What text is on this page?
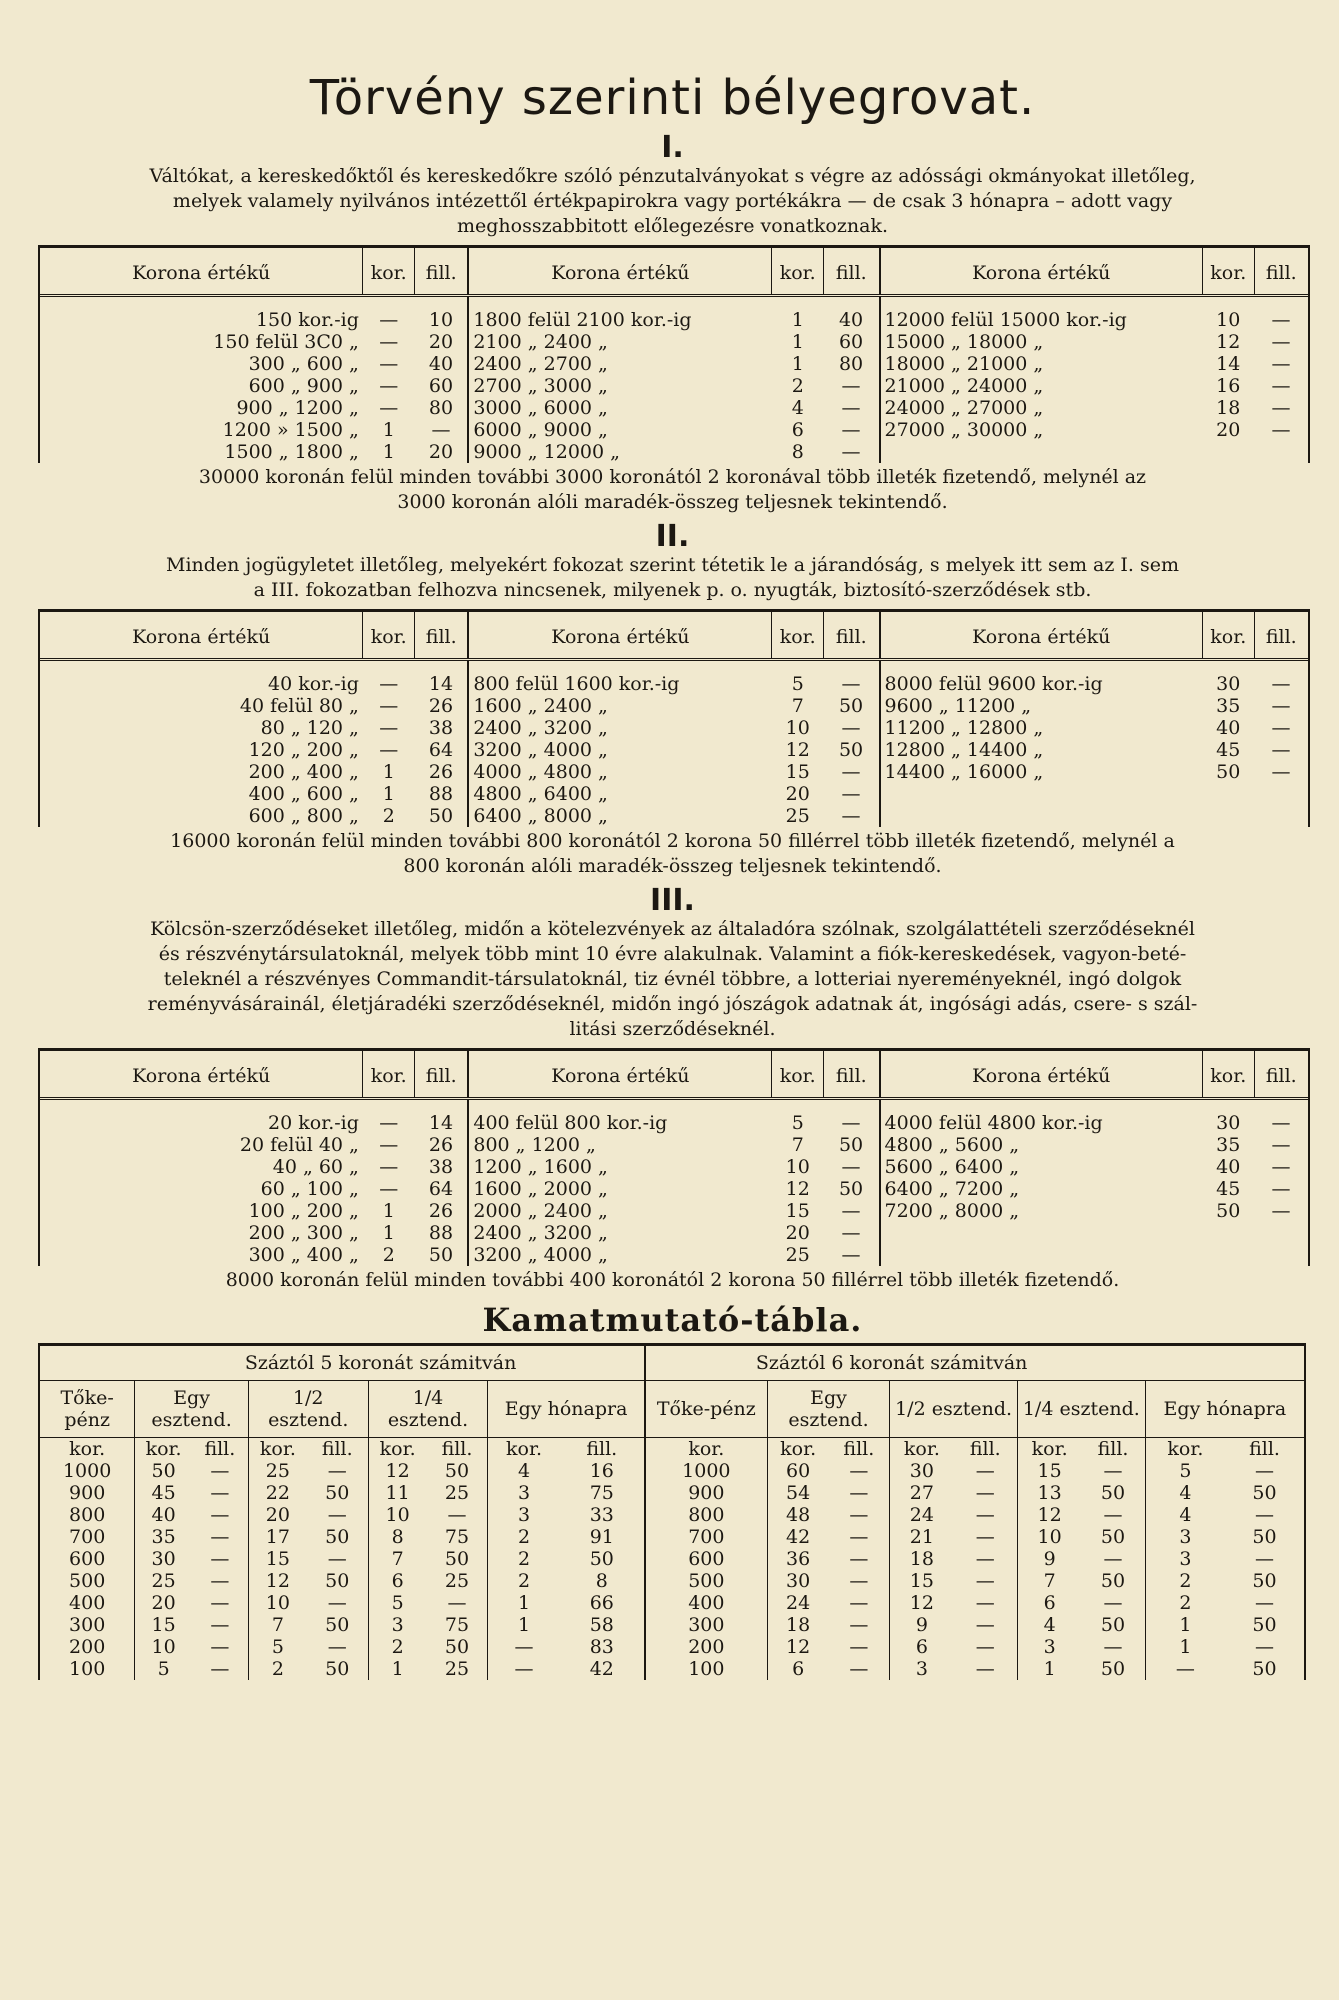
Törvény szerinti bélyegrovat.
I.
Váltókat, a kereskedőktől és kereskedőkre szóló pénzutalványokat s végre az adóssági okmányokat illetőleg,
melyek valamely nyilvános intézettől értékpapirokra vagy portékákra — de csak 3 hónapra – adott vagy
meghosszabbitott előlegezésre vonatkoznak.
Korona értékű	kor.	fill.	Korona értékű	kor.	fill.	Korona értékű	kor.	fill.

150 kor.-ig	—	10	1800 felül 2100 kor.-ig	1	40	12000 felül 15000 kor.-ig	10	—
150 felül 3C0 „	—	20	2100 „ 2400 „	1	60	15000 „ 18000 „	12	—
300 „ 600 „	—	40	2400 „ 2700 „	1	80	18000 „ 21000 „	14	—
600 „ 900 „	—	60	2700 „ 3000 „	2	—	21000 „ 24000 „	16	—
900 „ 1200 „	—	80	3000 „ 6000 „	4	—	24000 „ 27000 „	18	—
1200 » 1500 „	1	—	6000 „ 9000 „	6	—	27000 „ 30000 „	20	—
1500 „ 1800 „	1	20	9000 „ 12000 „	8	—			
30000 koronán felül minden további 3000 koronától 2 koronával több illeték fizetendő, melynél az
3000 koronán alóli maradék-összeg teljesnek tekintendő.
II.
Minden jogügyletet illetőleg, melyekért fokozat szerint tétetik le a járandóság, s melyek itt sem az I. sem
a III. fokozatban felhozva nincsenek, milyenek p. o. nyugták, biztosító-szerződések stb.
Korona értékű	kor.	fill.	Korona értékű	kor.	fill.	Korona értékű	kor.	fill.

40 kor.-ig	—	14	800 felül 1600 kor.-ig	5	—	8000 felül 9600 kor.-ig	30	—
40 felül 80 „	—	26	1600 „ 2400 „	7	50	9600 „ 11200 „	35	—
80 „ 120 „	—	38	2400 „ 3200 „	10	—	11200 „ 12800 „	40	—
120 „ 200 „	—	64	3200 „ 4000 „	12	50	12800 „ 14400 „	45	—
200 „ 400 „	1	26	4000 „ 4800 „	15	—	14400 „ 16000 „	50	—
400 „ 600 „	1	88	4800 „ 6400 „	20	—			
600 „ 800 „	2	50	6400 „ 8000 „	25	—			
16000 koronán felül minden további 800 koronától 2 korona 50 fillérrel több illeték fizetendő, melynél a
800 koronán alóli maradék-összeg teljesnek tekintendő.
III.
Kölcsön-szerződéseket illetőleg, midőn a kötelezvények az általadóra szólnak, szolgálattételi szerződéseknél
és részvénytársulatoknál, melyek több mint 10 évre alakulnak. Valamint a fiók-kereskedések, vagyon-beté-
teleknél a részvényes Commandit-társulatoknál, tiz évnél többre, a lotteriai nyereményeknél, ingó dolgok
reményvásárainál, életjáradéki szerződéseknél, midőn ingó jószágok adatnak át, ingósági adás, csere- s szál-
litási szerződéseknél.
Korona értékű	kor.	fill.	Korona értékű	kor.	fill.	Korona értékű	kor.	fill.

20 kor.-ig	—	14	400 felül 800 kor.-ig	5	—	4000 felül 4800 kor.-ig	30	—
20 felül 40 „	—	26	800 „ 1200 „	7	50	4800 „ 5600 „	35	—
40 „ 60 „	—	38	1200 „ 1600 „	10	—	5600 „ 6400 „	40	—
60 „ 100 „	—	64	1600 „ 2000 „	12	50	6400 „ 7200 „	45	—
100 „ 200 „	1	26	2000 „ 2400 „	15	—	7200 „ 8000 „	50	—
200 „ 300 „	1	88	2400 „ 3200 „	20	—			
300 „ 400 „	2	50	3200 „ 4000 „	25	—			
8000 koronán felül minden további 400 koronától 2 korona 50 fillérrel több illeték fizetendő.
Kamatmutató-tábla.
	Száztól 5 koronát számitván								Száztól 6 koronát számitván								
Tőke-pénz	Egy esztend.		1/2 esztend.		1/4 esztend.		Egy hónapra		Tőke-pénz	Egy esztend.		1/2 esztend.		1/4 esztend.		Egy hónapra	
kor.	kor.	fill.	kor.	fill.	kor.	fill.	kor.	fill.	kor.	kor.	fill.	kor.	fill.	kor.	fill.	kor.	fill.
1000	50	—	25	—	12	50	4	16	1000	60	—	30	—	15	—	5	—
900	45	—	22	50	11	25	3	75	900	54	—	27	—	13	50	4	50
800	40	—	20	—	10	—	3	33	800	48	—	24	—	12	—	4	—
700	35	—	17	50	8	75	2	91	700	42	—	21	—	10	50	3	50
600	30	—	15	—	7	50	2	50	600	36	—	18	—	9	—	3	—
500	25	—	12	50	6	25	2	8	500	30	—	15	—	7	50	2	50
400	20	—	10	—	5	—	1	66	400	24	—	12	—	6	—	2	—
300	15	—	7	50	3	75	1	58	300	18	—	9	—	4	50	1	50
200	10	—	5	—	2	50	—	83	200	12	—	6	—	3	—	1	—
100	5	—	2	50	1	25	—	42	100	6	—	3	—	1	50	—	50
